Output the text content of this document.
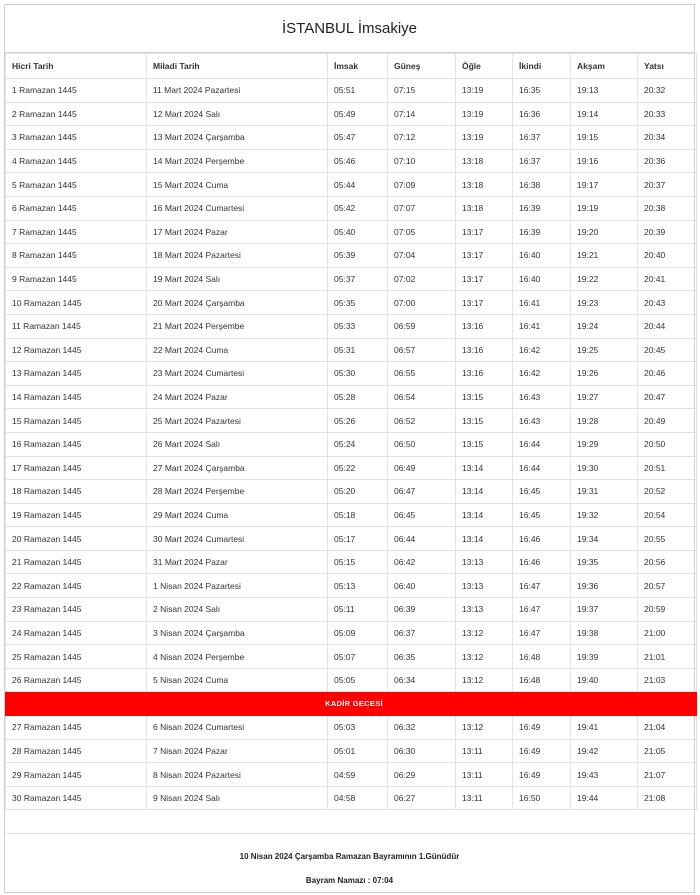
İSTANBUL İmsakiye
Hicri Tarih	Miladi Tarih	İmsak	Güneş	Öğle	İkindi	Akşam	Yatsı
1 Ramazan 1445	11 Mart 2024 Pazartesi	05:51	07:15	13:19	16:35	19:13	20:32
2 Ramazan 1445	12 Mart 2024 Salı	05:49	07:14	13:19	16:36	19:14	20:33
3 Ramazan 1445	13 Mart 2024 Çarşamba	05:47	07:12	13:19	16:37	19:15	20:34
4 Ramazan 1445	14 Mart 2024 Perşembe	05:46	07:10	13:18	16:37	19:16	20:36
5 Ramazan 1445	15 Mart 2024 Cuma	05:44	07:09	13:18	16:38	19:17	20:37
6 Ramazan 1445	16 Mart 2024 Cumartesi	05:42	07:07	13:18	16:39	19:19	20:38
7 Ramazan 1445	17 Mart 2024 Pazar	05:40	07:05	13:17	16:39	19:20	20:39
8 Ramazan 1445	18 Mart 2024 Pazartesi	05:39	07:04	13:17	16:40	19:21	20:40
9 Ramazan 1445	19 Mart 2024 Salı	05:37	07:02	13:17	16:40	19:22	20:41
10 Ramazan 1445	20 Mart 2024 Çarşamba	05:35	07:00	13:17	16:41	19:23	20:43
11 Ramazan 1445	21 Mart 2024 Perşembe	05:33	06:59	13:16	16:41	19:24	20:44
12 Ramazan 1445	22 Mart 2024 Cuma	05:31	06:57	13:16	16:42	19:25	20:45
13 Ramazan 1445	23 Mart 2024 Cumartesi	05:30	06:55	13:16	16:42	19:26	20:46
14 Ramazan 1445	24 Mart 2024 Pazar	05:28	06:54	13:15	16:43	19:27	20:47
15 Ramazan 1445	25 Mart 2024 Pazartesi	05:26	06:52	13:15	16:43	19:28	20:49
16 Ramazan 1445	26 Mart 2024 Salı	05:24	06:50	13:15	16:44	19:29	20:50
17 Ramazan 1445	27 Mart 2024 Çarşamba	05:22	06:49	13:14	16:44	19:30	20:51
18 Ramazan 1445	28 Mart 2024 Perşembe	05:20	06:47	13:14	16:45	19:31	20:52
19 Ramazan 1445	29 Mart 2024 Cuma	05:18	06:45	13:14	16:45	19:32	20:54
20 Ramazan 1445	30 Mart 2024 Cumartesi	05:17	06:44	13:14	16:46	19:34	20:55
21 Ramazan 1445	31 Mart 2024 Pazar	05:15	06:42	13:13	16:46	19:35	20:56
22 Ramazan 1445	1 Nisan 2024 Pazartesi	05:13	06:40	13:13	16:47	19:36	20:57
23 Ramazan 1445	2 Nisan 2024 Salı	05:11	06:39	13:13	16:47	19:37	20:59
24 Ramazan 1445	3 Nisan 2024 Çarşamba	05:09	06:37	13:12	16:47	19:38	21:00
25 Ramazan 1445	4 Nisan 2024 Perşembe	05:07	06:35	13:12	16:48	19:39	21:01
26 Ramazan 1445	5 Nisan 2024 Cuma	05:05	06:34	13:12	16:48	19:40	21:03
KADİR GECESİ							
27 Ramazan 1445	6 Nisan 2024 Cumartesi	05:03	06:32	13:12	16:49	19:41	21:04
28 Ramazan 1445	7 Nisan 2024 Pazar	05:01	06:30	13:11	16:49	19:42	21:05
29 Ramazan 1445	8 Nisan 2024 Pazartesi	04:59	06:29	13:11	16:49	19:43	21:07
30 Ramazan 1445	9 Nisan 2024 Salı	04:58	06:27	13:11	16:50	19:44	21:08
10 Nisan 2024 Çarşamba Ramazan Bayramının 1.Günüdür
Bayram Namazı : 07:04
